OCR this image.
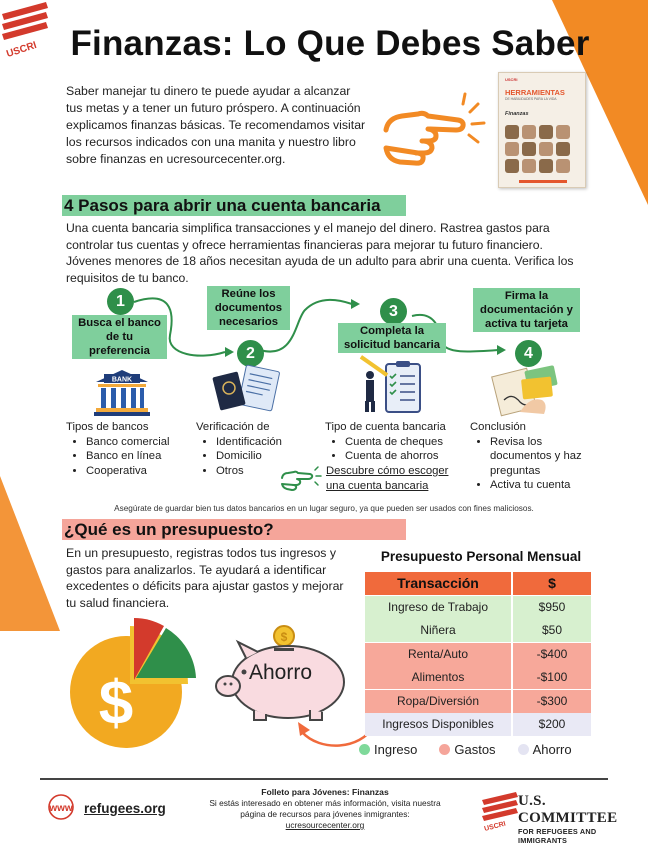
USCRI Finanzas: Lo Que Debes Saber

Saber manejar tu dinero te puede ayudar a alcanzar tus metas y a tener un futuro próspero. A continuación explicamos finanzas básicas. Te recomendamos visitar los recursos indicados con una manita y nuestro libro sobre finanzas en ucresourcecenter.org.

USCRI
HERRAMIENTAS
DE HABILIDADES PARA LA VIDA
Finanzas
4 Pasos para abrir una cuenta bancaria

Una cuenta bancaria simplifica transacciones y el manejo del dinero. Rastrea gastos para controlar tus cuentas y ofrece herramientas financieras para mejorar tu futuro financiero. Jóvenes menores de 18 años necesitan ayuda de un adulto para abrir una cuenta. Verifica los requisitos de tu banco.

1
Busca el banco de tu preferencia	2
Reúne los documentos necesarios
3
Completa la solicitud bancaria	4
Firma la documentación y activa tu tarjeta
BANK
Tipos de bancos
• Banco comercial
• Banco en línea
• Cooperativa
Verificación de
• Identificación
• Domicilio
• Otros
Tipo de cuenta bancaria
• Cuenta de cheques
• Cuenta de ahorros
Conclusión
• Revisa los documentos y haz preguntas
• Activa tu cuenta
Descubre cómo escoger una cuenta bancaria

Asegúrate de guardar bien tus datos bancarios en un lugar seguro, ya que pueden ser usados con fines maliciosos.

¿Qué es un presupuesto?

En un presupuesto, registras todos tus ingresos y gastos para analizarlos. Te ayudará a identificar excedentes o déficits para ajustar gastos y mejorar tu salud financiera.

$
$
Ahorro
Presupuesto Personal Mensual
Transacción	$
Ingreso de Trabajo	$950
Niñera	$50
Renta/Auto	-$400
Alimentos	-$100
Ropa/Diversión	-$300
Ingresos Disponibles	$200
Ingreso	Gastos	Ahorro
www refugees.org
Folleto para Jóvenes: Finanzas
Si estás interesado en obtener más información, visita nuestra página de recursos para jóvenes inmigrantes:
ucresourcecenter.org	USCRI
U.S. COMMITTEE
FOR REFUGEES AND IMMIGRANTS
